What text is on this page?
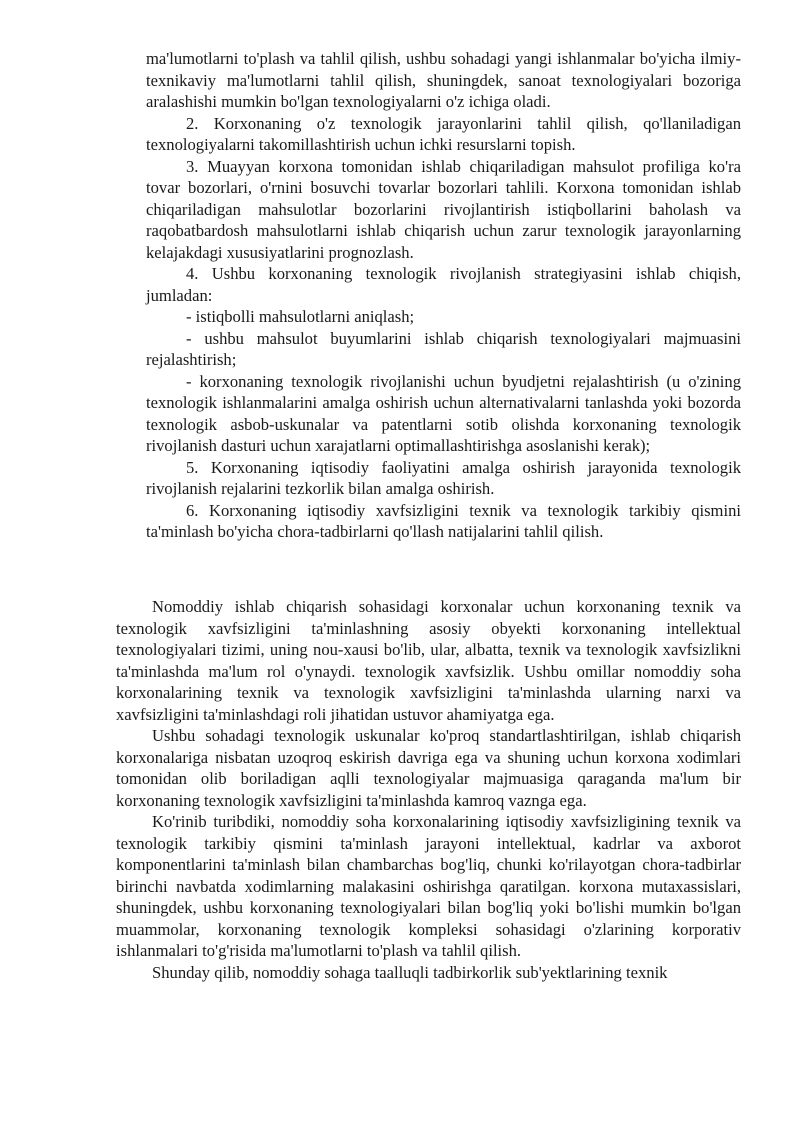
ma'lumotlarni to'plash va tahlil qilish, ushbu sohadagi yangi ishlanmalar bo'yicha ilmiy-texnikaviy ma'lumotlarni tahlil qilish, shuningdek, sanoat texnologiyalari bozoriga aralashishi mumkin bo'lgan texnologiyalarni o'z ichiga oladi.

2. Korxonaning o'z texnologik jarayonlarini tahlil qilish, qo'llaniladigan texnologiyalarni takomillashtirish uchun ichki resurslarni topish.

3. Muayyan korxona tomonidan ishlab chiqariladigan mahsulot profiliga ko'ra tovar bozorlari, o'rnini bosuvchi tovarlar bozorlari tahlili. Korxona tomonidan ishlab chiqariladigan mahsulotlar bozorlarini rivojlantirish istiqbollarini baholash va raqobatbardosh mahsulotlarni ishlab chiqarish uchun zarur texnologik jarayonlarning kelajakdagi xususiyatlarini prognozlash.

4. Ushbu korxonaning texnologik rivojlanish strategiyasini ishlab chiqish, jumladan:

- istiqbolli mahsulotlarni aniqlash;

- ushbu mahsulot buyumlarini ishlab chiqarish texnologiyalari majmuasini rejalashtirish;

- korxonaning texnologik rivojlanishi uchun byudjetni rejalashtirish (u o'zining texnologik ishlanmalarini amalga oshirish uchun alternativalarni tanlashda yoki bozorda texnologik asbob-uskunalar va patentlarni sotib olishda korxonaning texnologik rivojlanish dasturi uchun xarajatlarni optimallashtirishga asoslanishi kerak);

5. Korxonaning iqtisodiy faoliyatini amalga oshirish jarayonida texnologik rivojlanish rejalarini tezkorlik bilan amalga oshirish.

6. Korxonaning iqtisodiy xavfsizligini texnik va texnologik tarkibiy qismini ta'minlash bo'yicha chora-tadbirlarni qo'llash natijalarini tahlil qilish.

Nomoddiy ishlab chiqarish sohasidagi korxonalar uchun korxonaning texnik va texnologik xavfsizligini ta'minlashning asosiy obyekti korxonaning intellektual texnologiyalari tizimi, uning nou-xausi bo'lib, ular, albatta, texnik va texnologik xavfsizlikni ta'minlashda ma'lum rol o'ynaydi. texnologik xavfsizlik. Ushbu omillar nomoddiy soha korxonalarining texnik va texnologik xavfsizligini ta'minlashda ularning narxi va xavfsizligini ta'minlashdagi roli jihatidan ustuvor ahamiyatga ega.

Ushbu sohadagi texnologik uskunalar ko'proq standartlashtirilgan, ishlab chiqarish korxonalariga nisbatan uzoqroq eskirish davriga ega va shuning uchun korxona xodimlari tomonidan olib boriladigan aqlli texnologiyalar majmuasiga qaraganda ma'lum bir korxonaning texnologik xavfsizligini ta'minlashda kamroq vaznga ega.

Ko'rinib turibdiki, nomoddiy soha korxonalarining iqtisodiy xavfsizligining texnik va texnologik tarkibiy qismini ta'minlash jarayoni intellektual, kadrlar va axborot komponentlarini ta'minlash bilan chambarchas bog'liq, chunki ko'rilayotgan chora-tadbirlar birinchi navbatda xodimlarning malakasini oshirishga qaratilgan. korxona mutaxassislari, shuningdek, ushbu korxonaning texnologiyalari bilan bog'liq yoki bo'lishi mumkin bo'lgan muammolar, korxonaning texnologik kompleksi sohasidagi o'zlarining korporativ ishlanmalari to'g'risida ma'lumotlarni to'plash va tahlil qilish.

Shunday qilib, nomoddiy sohaga taalluqli tadbirkorlik sub'yektlarining texnik
